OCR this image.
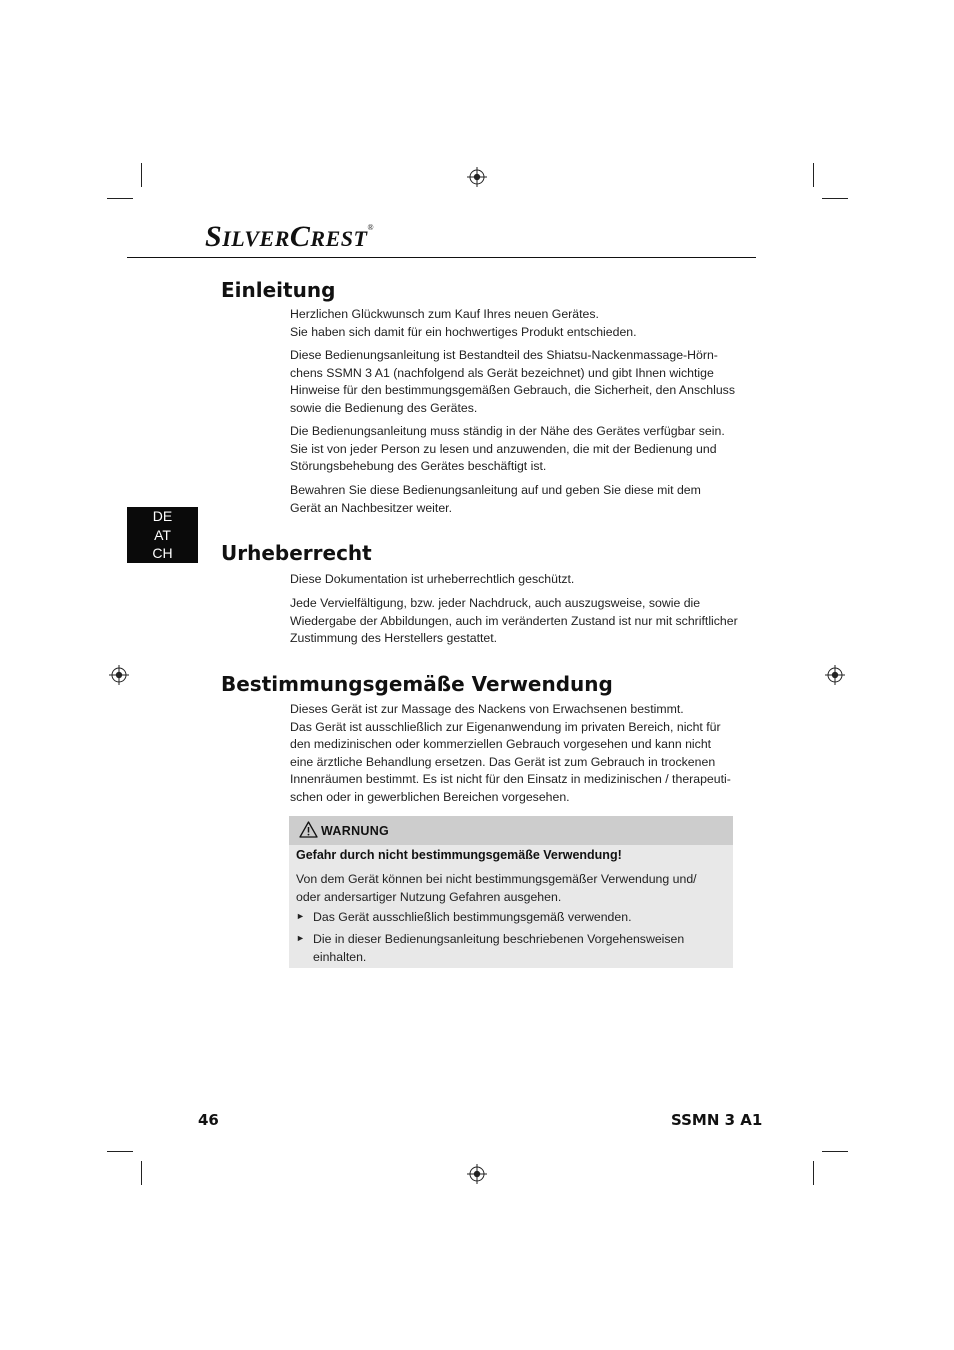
SILVERCREST®
Einleitung
Herzlichen Glückwunsch zum Kauf Ihres neuen Gerätes.
Sie haben sich damit für ein hochwertiges Produkt entschieden.
Diese Bedienungsanleitung ist Bestandteil des Shiatsu-Nackenmassage-Hörn-
chens SSMN 3 A1 (nachfolgend als Gerät bezeichnet) und gibt Ihnen wichtige
Hinweise für den bestimmungsgemäßen Gebrauch, die Sicherheit, den Anschluss
sowie die Bedienung des Gerätes.
Die Bedienungsanleitung muss ständig in der Nähe des Gerätes verfügbar sein.
Sie ist von jeder Person zu lesen und anzuwenden, die mit der Bedienung und
Störungsbehebung des Gerätes beschäftigt ist.
Bewahren Sie diese Bedienungsanleitung auf und geben Sie diese mit dem
Gerät an Nachbesitzer weiter.
DE
AT
CH	Urheberrecht
Diese Dokumentation ist urheberrechtlich geschützt.
Jede Vervielfältigung, bzw. jeder Nachdruck, auch auszugsweise, sowie die
Wiedergabe der Abbildungen, auch im veränderten Zustand ist nur mit schriftlicher
Zustimmung des Herstellers gestattet.
Bestimmungsgemäße Verwendung
Dieses Gerät ist zur Massage des Nackens von Erwachsenen bestimmt.
Das Gerät ist ausschließlich zur Eigenanwendung im privaten Bereich, nicht für
den medizinischen oder kommerziellen Gebrauch vorgesehen und kann nicht
eine ärztliche Behandlung ersetzen. Das Gerät ist zum Gebrauch in trockenen
Innenräumen bestimmt. Es ist nicht für den Einsatz in medizinischen / therapeuti-
schen oder in gewerblichen Bereichen vorgesehen.
WARNUNG
Gefahr durch nicht bestimmungsgemäße Verwendung!
Von dem Gerät können bei nicht bestimmungsgemäßer Verwendung und/
oder andersartiger Nutzung Gefahren ausgehen.
► Das Gerät ausschließlich bestimmungsgemäß verwenden.
► Die in dieser Bedienungsanleitung beschriebenen Vorgehensweisen
einhalten.
46	SSMN 3 A1
